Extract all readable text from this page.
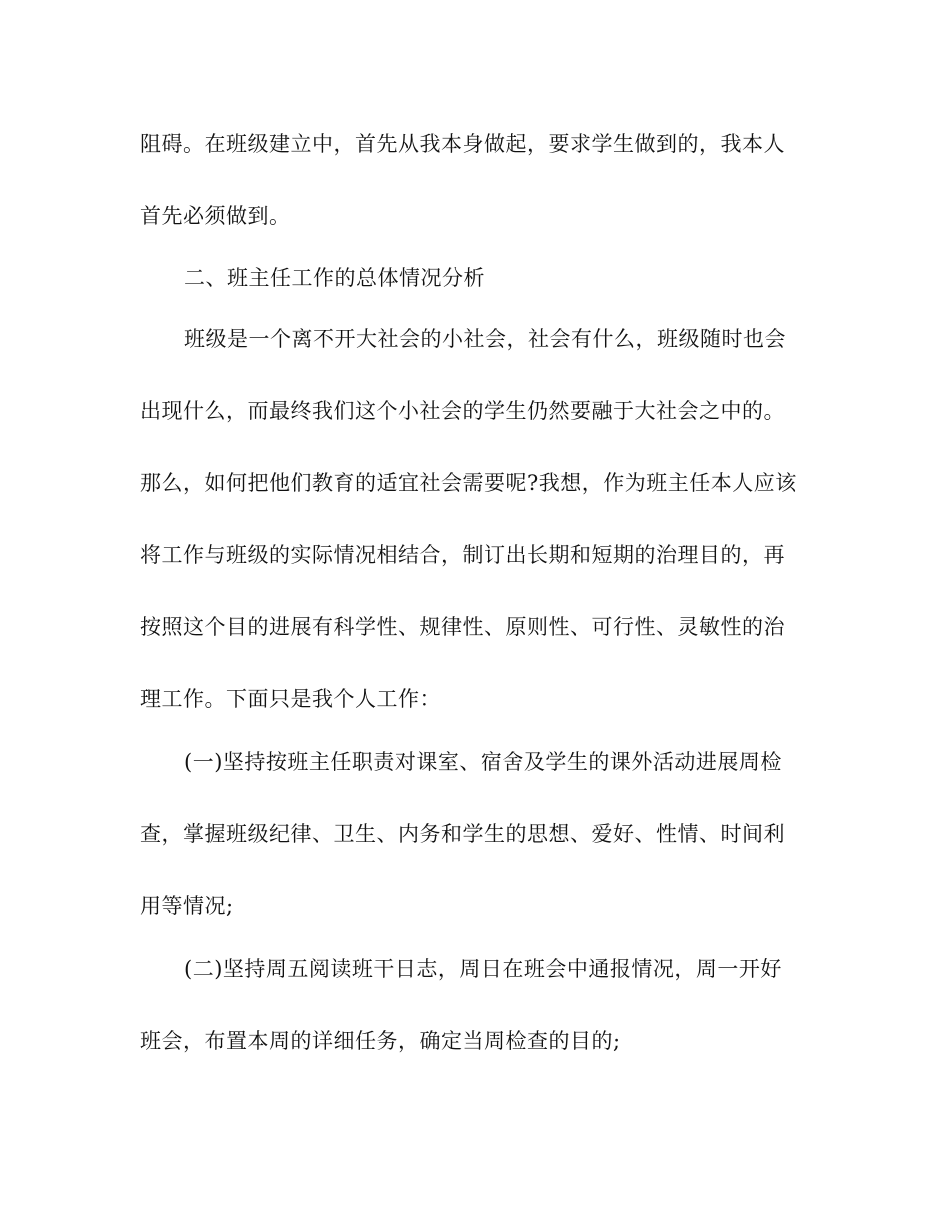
阻碍。在班级建立中，首先从我本身做起，要求学生做到的，我本人
首先必须做到。
二、班主任工作的总体情况分析
班级是一个离不开大社会的小社会，社会有什么，班级随时也会
出现什么，而最终我们这个小社会的学生仍然要融于大社会之中的。
那么，如何把他们教育的适宜社会需要呢?我想，作为班主任本人应该
将工作与班级的实际情况相结合，制订出长期和短期的治理目的，再
按照这个目的进展有科学性、规律性、原则性、可行性、灵敏性的治
理工作。下面只是我个人工作：
(一)坚持按班主任职责对课室、宿舍及学生的课外活动进展周检
查，掌握班级纪律、卫生、内务和学生的思想、爱好、性情、时间利
用等情况;
(二)坚持周五阅读班干日志，周日在班会中通报情况，周一开好
班会，布置本周的详细任务，确定当周检查的目的;
